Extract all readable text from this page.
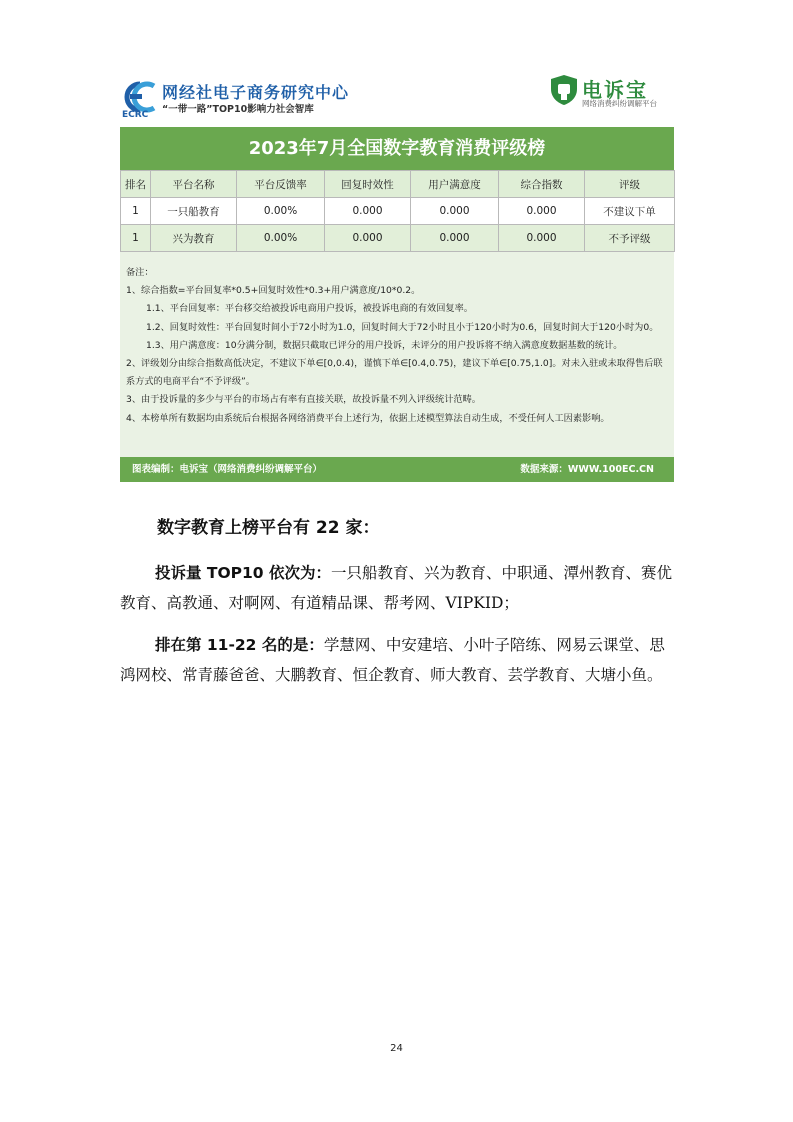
网经社电子商务研究中心
“一带一路”TOP10影响力社会智库
ECRC
电诉宝
网络消费纠纷调解平台
2023年7月全国数字教育消费评级榜
排名	平台名称	平台反馈率	回复时效性	用户满意度	综合指数	评级
1	一只船教育	0.00%	0.000	0.000	0.000	不建议下单
1	兴为教育	0.00%	0.000	0.000	0.000	不予评级
备注：
1、综合指数=平台回复率*0.5+回复时效性*0.3+用户满意度/10*0.2。
1.1、平台回复率：平台移交给被投诉电商用户投诉，被投诉电商的有效回复率。
1.2、回复时效性：平台回复时间小于72小时为1.0，回复时间大于72小时且小于120小时为0.6，回复时间大于120小时为0。
1.3、用户满意度：10分满分制，数据只截取已评分的用户投诉，未评分的用户投诉将不纳入满意度数据基数的统计。
2、评级划分由综合指数高低决定，不建议下单∈[0,0.4)，谨慎下单∈[0.4,0.75)，建议下单∈[0.75,1.0]。对未入驻或未取得售后联系方式的电商平台“不予评级”。
3、由于投诉量的多少与平台的市场占有率有直接关联，故投诉量不列入评级统计范畴。
4、本榜单所有数据均由系统后台根据各网络消费平台上述行为，依据上述模型算法自动生成，不受任何人工因素影响。
图表编制：电诉宝（网络消费纠纷调解平台）	数据来源：WWW.100EC.CN
数字教育上榜平台有 22 家：
投诉量 TOP10 依次为：一只船教育、兴为教育、中职通、潭州教育、赛优教育、高教通、对啊网、有道精品课、帮考网、VIPKID；
排在第 11-22 名的是：学慧网、中安建培、小叶子陪练、网易云课堂、思鸿网校、常青藤爸爸、大鹏教育、恒企教育、师大教育、芸学教育、大塘小鱼。
24
